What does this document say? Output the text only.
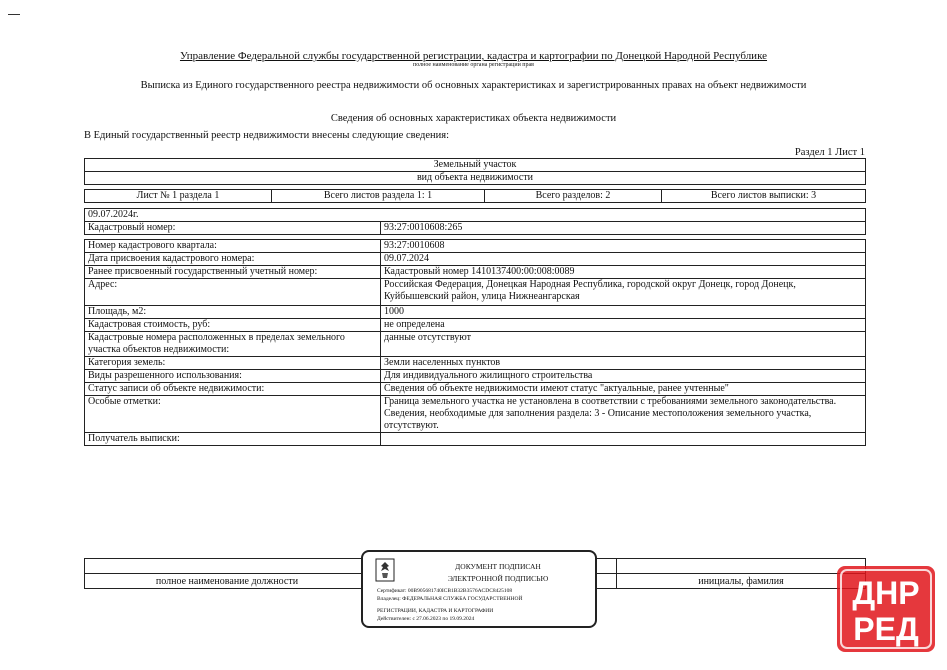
Управление Федеральной службы государственной регистрации, кадастра и картографии по Донецкой Народной Республике
полное наименование органа регистрации прав
Выписка из Единого государственного реестра недвижимости об основных характеристиках и зарегистрированных правах на объект недвижимости
Сведения об основных характеристиках объекта недвижимости
В Единый государственный реестр недвижимости внесены следующие сведения:
Раздел 1 Лист 1
Земельный участок
вид объекта недвижимости
Лист № 1 раздела 1	Всего листов раздела 1: 1	Всего разделов: 2	Всего листов выписки: 3
09.07.2024г.
Кадастровый номер:	93:27:0010608:265
Номер кадастрового квартала:	93:27:0010608
Дата присвоения кадастрового номера:	09.07.2024
Ранее присвоенный государственный учетный номер:	Кадастровый номер 1410137400:00:008:0089
Адрес:	Российская Федерация, Донецкая Народная Республика, городской округ Донецк, город Донецк, Куйбышевский район, улица Нижнеангарская
Площадь, м2:	1000
Кадастровая стоимость, руб:	не определена
Кадастровые номера расположенных в пределах земельного участка объектов недвижимости:	данные отсутствуют
Категория земель:	Земли населенных пунктов
Виды разрешенного использования:	Для индивидуального жилищного строительства
Статус записи об объекте недвижимости:	Сведения об объекте недвижимости имеют статус "актуальные, ранее учтенные"
Особые отметки:	Граница земельного участка не установлена в соответствии с требованиями земельного законодательства. Сведения, необходимые для заполнения раздела: 3 - Описание местоположения земельного участка, отсутствуют.
Получатель выписки:	

полное наименование должности		инициалы, фамилия
ДОКУМЕНТ ПОДПИСАН
ЭЛЕКТРОННОЙ ПОДПИСЬЮ
Сертификат: 00B905681740ICB1B32B3576ACDC8425108
Владелец: ФЕДЕРАЛЬНАЯ СЛУЖБА ГОСУДАРСТВЕННОЙ
РЕГИСТРАЦИИ, КАДАСТРА И КАРТОГРАФИИ
Действителен: с 27.06.2023 по 19.09.2024
ДНР
РЕД
